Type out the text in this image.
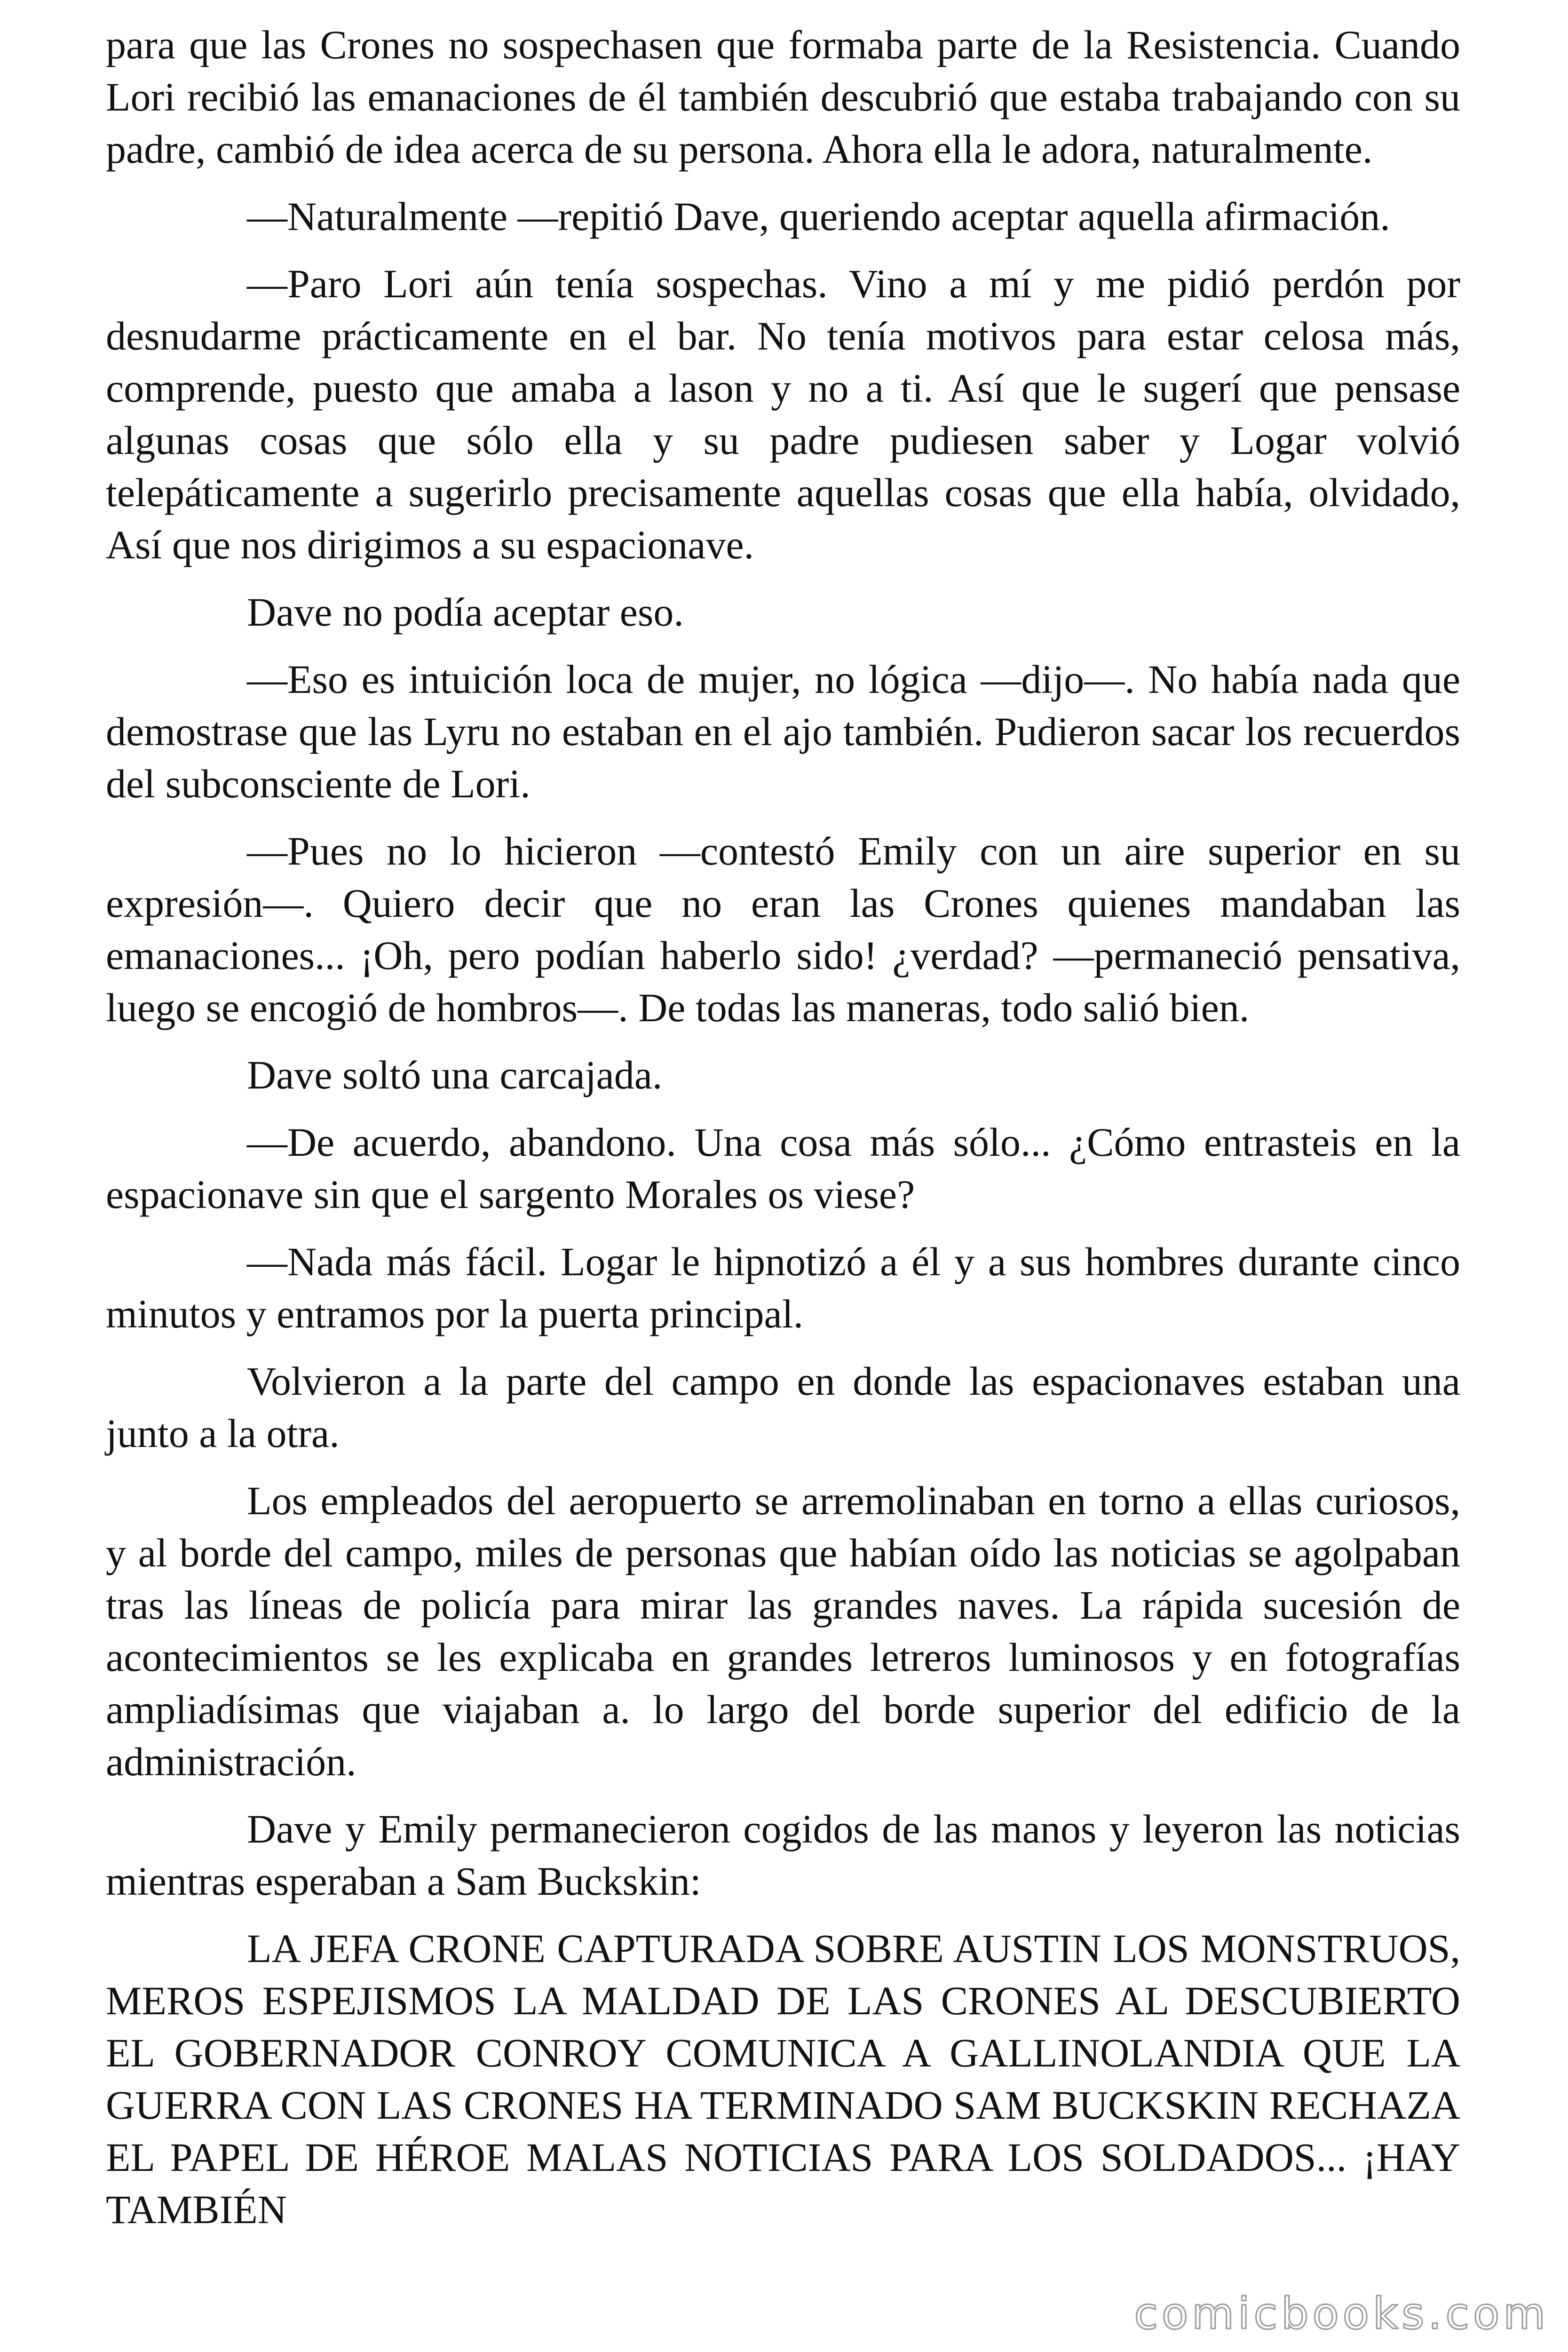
para que las Crones no sospechasen que formaba parte de la Resistencia. Cuando Lori recibió las emanaciones de él también descubrió que estaba trabajando con su padre, cambió de idea acerca de su persona. Ahora ella le adora, naturalmente.

—Naturalmente —repitió Dave, queriendo aceptar aquella afirmación.

—Paro Lori aún tenía sospechas. Vino a mí y me pidió perdón por desnudarme prácticamente en el bar. No tenía motivos para estar celosa más, comprende, puesto que amaba a lason y no a ti. Así que le sugerí que pensase algunas cosas que sólo ella y su padre pudiesen saber y Logar volvió telepáticamente a sugerirlo precisamente aquellas cosas que ella había, olvidado, Así que nos dirigimos a su espacionave.

Dave no podía aceptar eso.

—Eso es intuición loca de mujer, no lógica —dijo—. No había nada que demostrase que las Lyru no estaban en el ajo también. Pudieron sacar los recuerdos del subconsciente de Lori.

—Pues no lo hicieron —contestó Emily con un aire superior en su expresión—. Quiero decir que no eran las Crones quienes mandaban las emanaciones... ¡Oh, pero podían haberlo sido! ¿verdad? —permaneció pensativa, luego se encogió de hombros—. De todas las maneras, todo salió bien.

Dave soltó una carcajada.

—De acuerdo, abandono. Una cosa más sólo... ¿Cómo entrasteis en la espacionave sin que el sargento Morales os viese?

—Nada más fácil. Logar le hipnotizó a él y a sus hombres durante cinco minutos y entramos por la puerta principal.

Volvieron a la parte del campo en donde las espacionaves estaban una junto a la otra.

Los empleados del aeropuerto se arremolinaban en torno a ellas curiosos, y al borde del campo, miles de personas que habían oído las noticias se agolpaban tras las líneas de policía para mirar las grandes naves. La rápida sucesión de acontecimientos se les explicaba en grandes letreros luminosos y en fotografías ampliadísimas que viajaban a. lo largo del borde superior del edificio de la administración.

Dave y Emily permanecieron cogidos de las manos y leyeron las noticias mientras esperaban a Sam Buckskin:

LA JEFA CRONE CAPTURADA SOBRE AUSTIN LOS MONSTRUOS, MEROS ESPEJISMOS LA MALDAD DE LAS CRONES AL DESCUBIERTO EL GOBERNADOR CONROY COMUNICA A GALLINOLANDIA QUE LA GUERRA CON LAS CRONES HA TERMINADO SAM BUCKSKIN RECHAZA EL PAPEL DE HÉROE MALAS NOTICIAS PARA LOS SOLDADOS... ¡HAY TAMBIÉN

comicbooks.com
